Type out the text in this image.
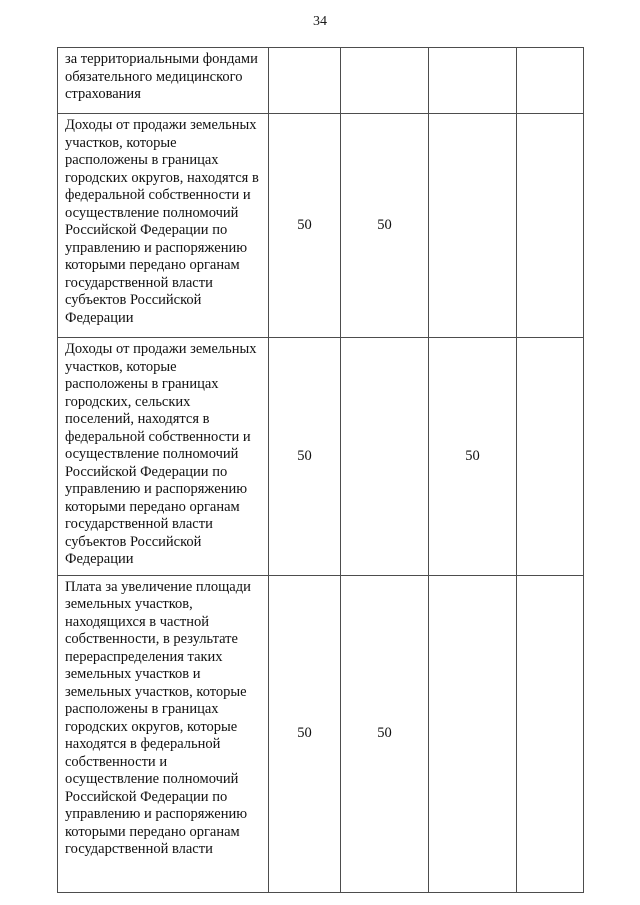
34
за территориальными фондами обязательного медицинского страхования				
Доходы от продажи земельных участков, которые расположены в границах городских округов, находятся в федеральной собственности и осуществление полномочий Российской Федерации по управлению и распоряжению которыми передано органам государственной власти субъектов Российской Федерации	50	50		
Доходы от продажи земельных участков, которые расположены в границах городских, сельских поселений, находятся в федеральной собственности и осуществление полномочий Российской Федерации по управлению и распоряжению которыми передано органам государственной власти субъектов Российской Федерации	50		50	
Плата за увеличение площади земельных участков, находящихся в частной собственности, в результате перераспределения таких земельных участков и земельных участков, которые расположены в границах городских округов, которые находятся в федеральной собственности и осуществление полномочий Российской Федерации по управлению и распоряжению которыми передано органам государственной власти	50	50		
